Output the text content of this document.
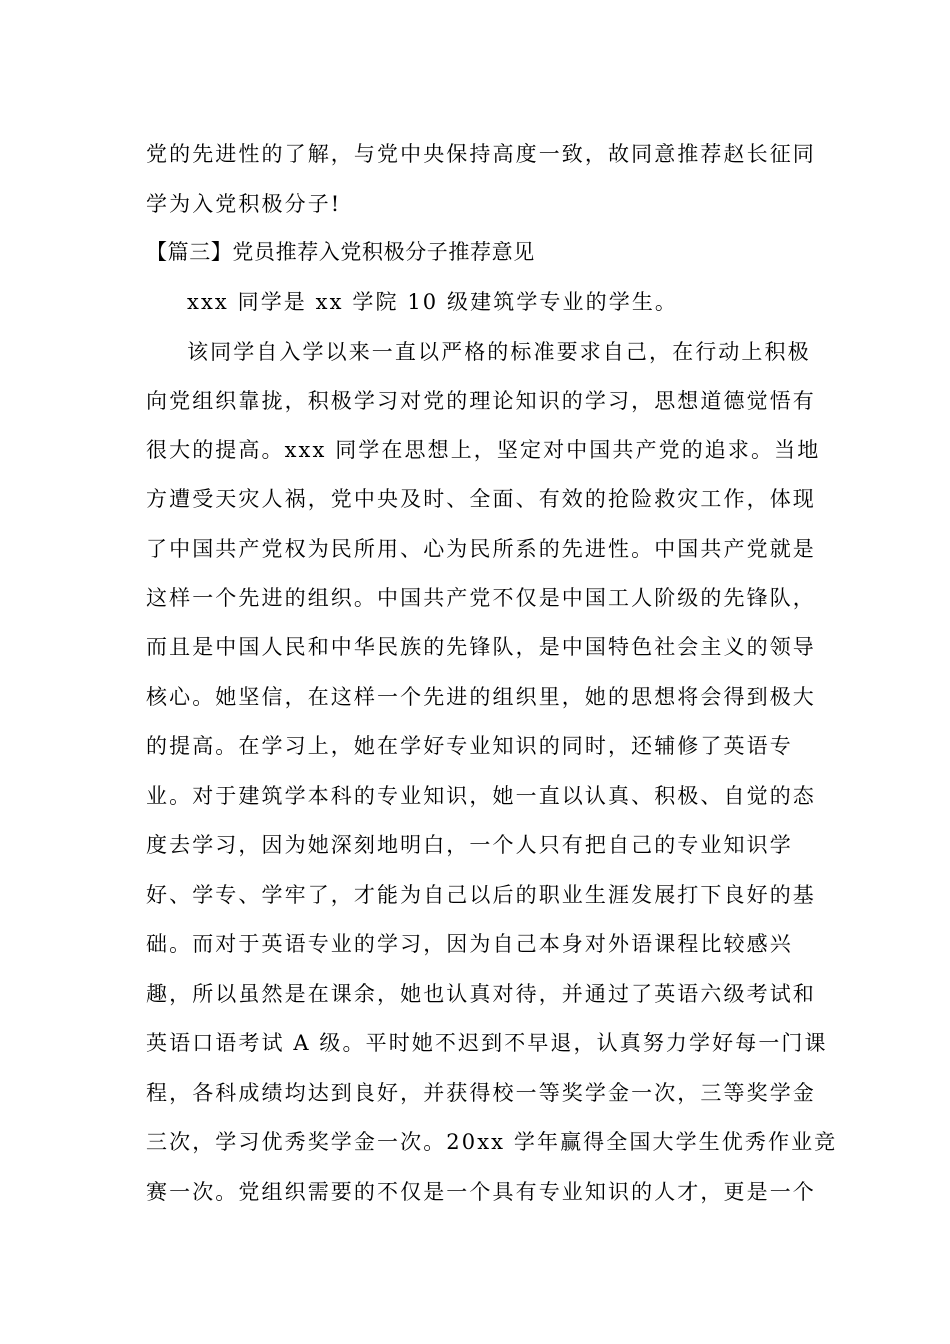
党的先进性的了解，与党中央保持高度一致，故同意推荐赵长征同
学为入党积极分子!
【篇三】党员推荐入党积极分子推荐意见
xxx 同学是 xx 学院 10 级建筑学专业的学生。
该同学自入学以来一直以严格的标准要求自己，在行动上积极
向党组织靠拢，积极学习对党的理论知识的学习，思想道德觉悟有
很大的提高。xxx 同学在思想上，坚定对中国共产党的追求。当地
方遭受天灾人祸，党中央及时、全面、有效的抢险救灾工作，体现
了中国共产党权为民所用、心为民所系的先进性。中国共产党就是
这样一个先进的组织。中国共产党不仅是中国工人阶级的先锋队，
而且是中国人民和中华民族的先锋队，是中国特色社会主义的领导
核心。她坚信，在这样一个先进的组织里，她的思想将会得到极大
的提高。在学习上，她在学好专业知识的同时，还辅修了英语专
业。对于建筑学本科的专业知识，她一直以认真、积极、自觉的态
度去学习，因为她深刻地明白，一个人只有把自己的专业知识学
好、学专、学牢了，才能为自己以后的职业生涯发展打下良好的基
础。而对于英语专业的学习，因为自己本身对外语课程比较感兴
趣，所以虽然是在课余，她也认真对待，并通过了英语六级考试和
英语口语考试 A 级。平时她不迟到不早退，认真努力学好每一门课
程，各科成绩均达到良好，并获得校一等奖学金一次，三等奖学金
三次，学习优秀奖学金一次。20xx 学年赢得全国大学生优秀作业竞
赛一次。党组织需要的不仅是一个具有专业知识的人才，更是一个
